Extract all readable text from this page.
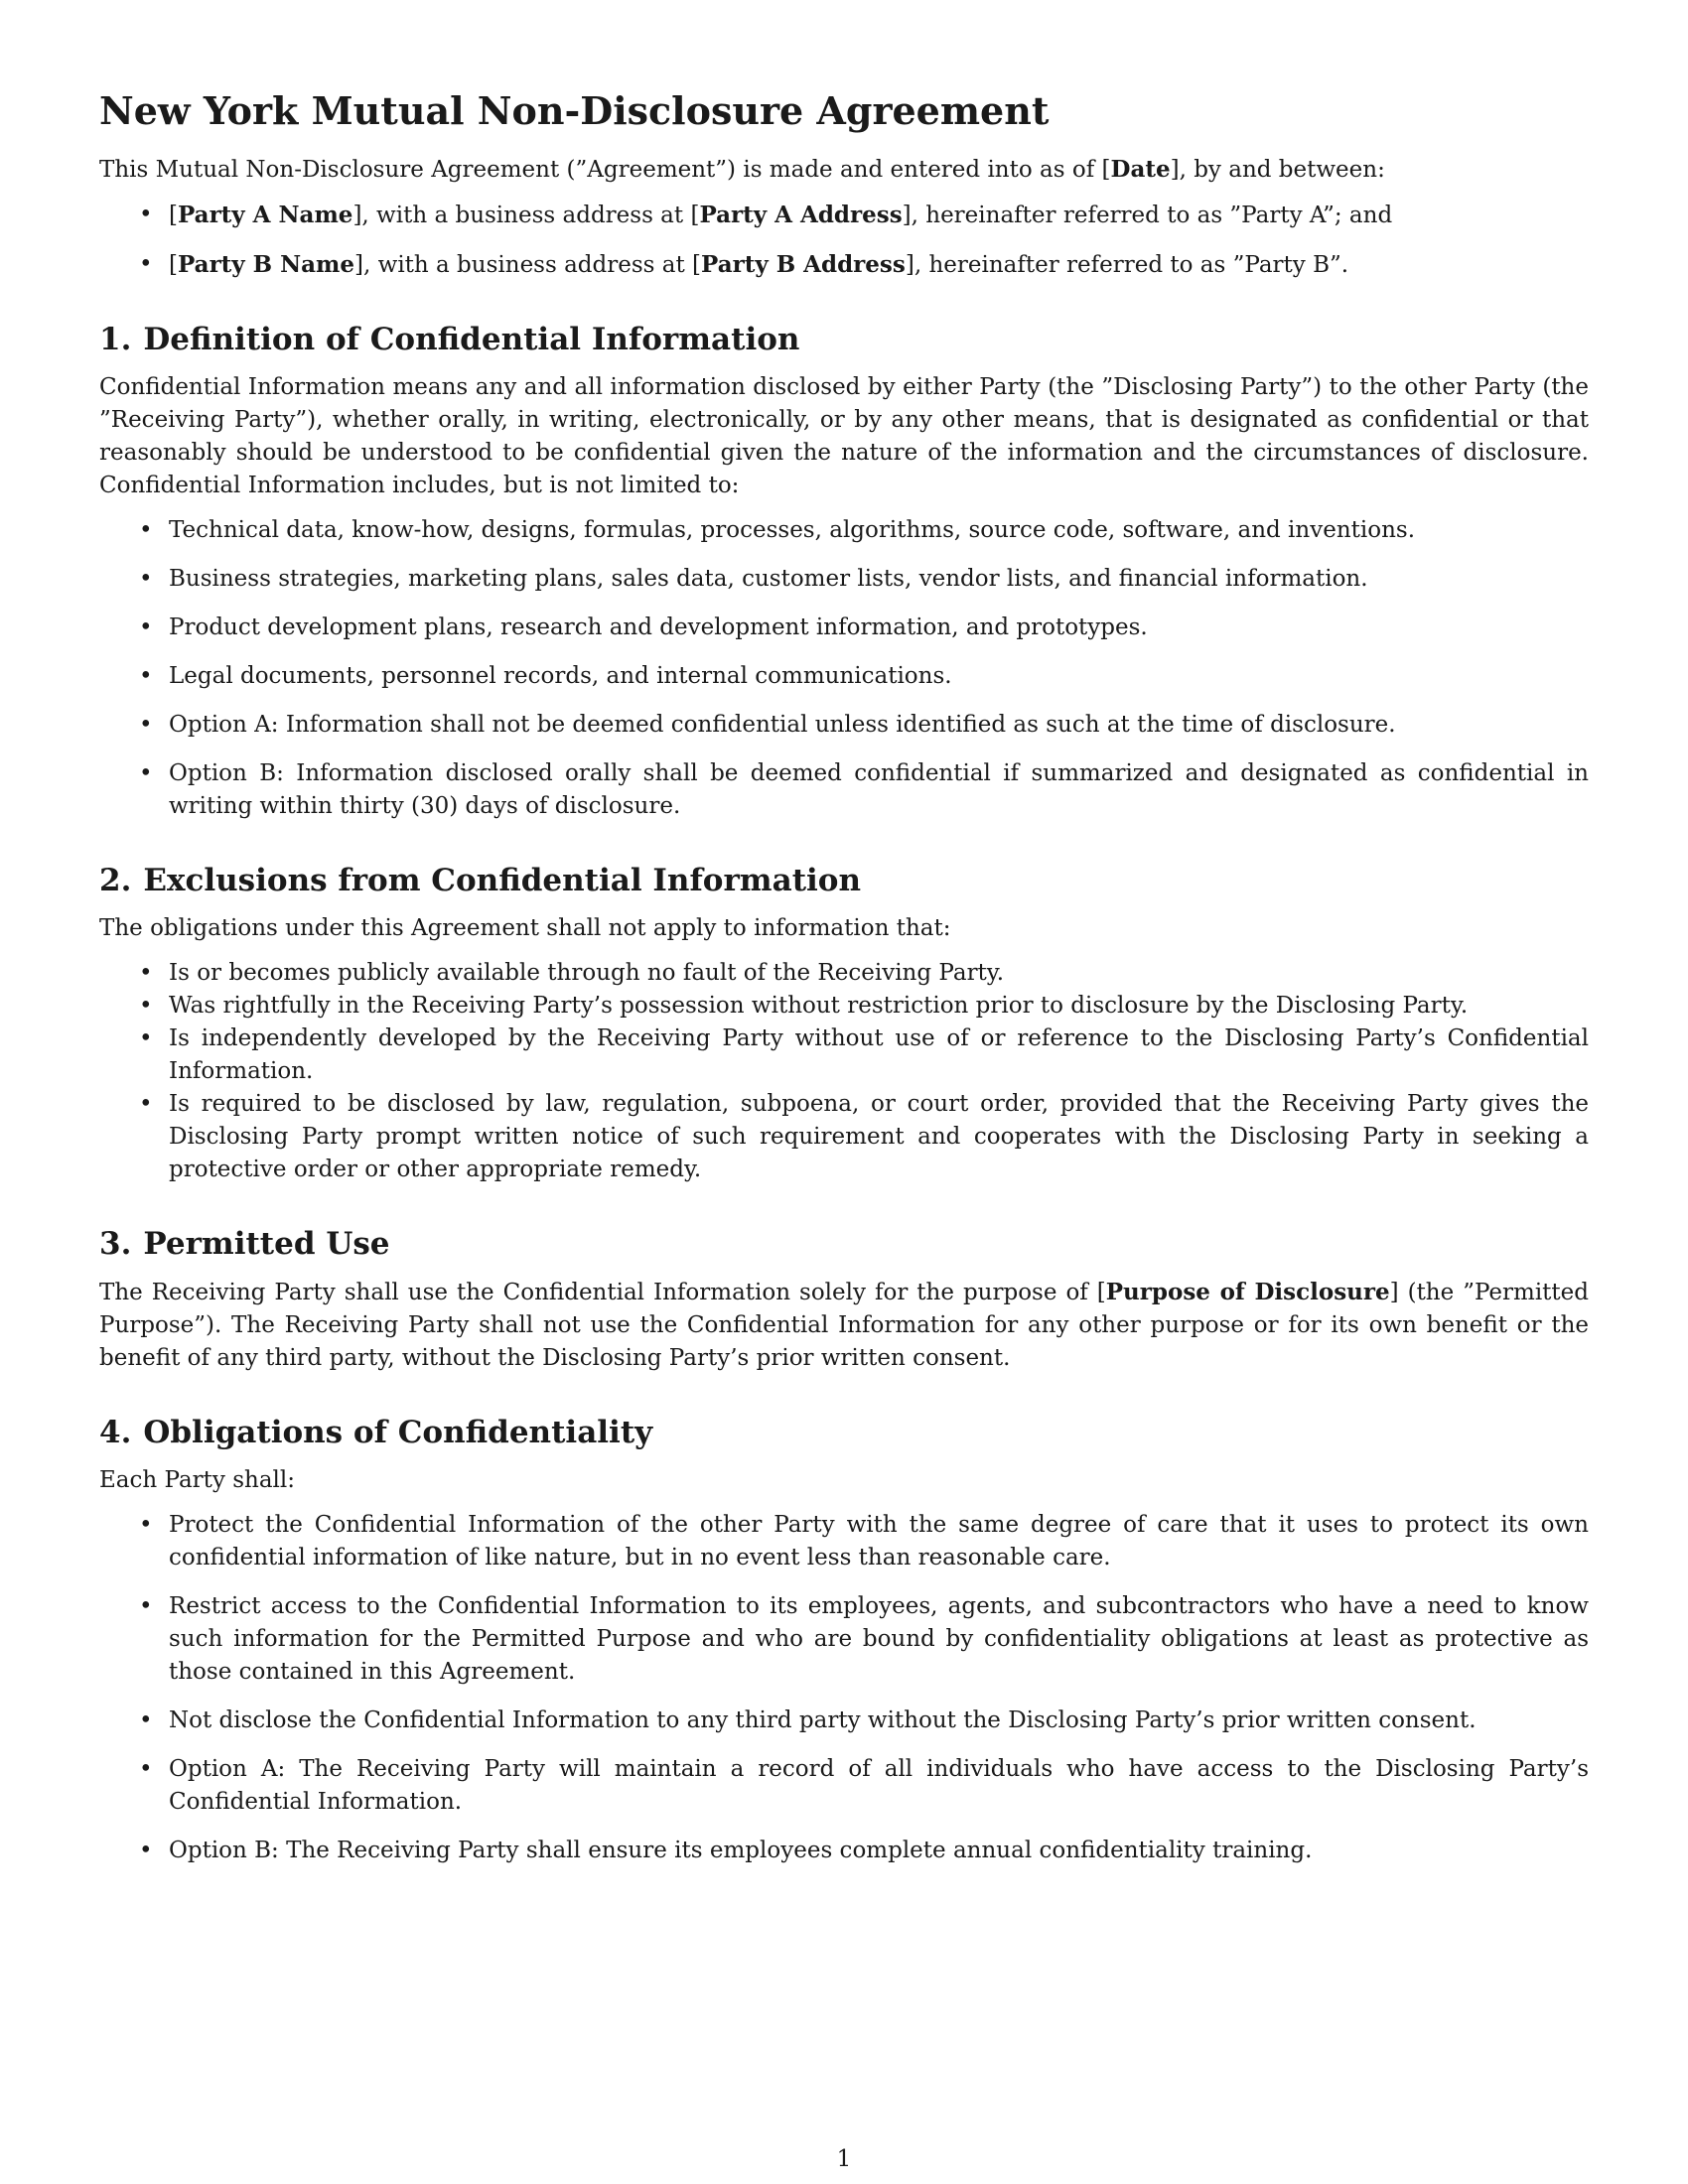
New York Mutual Non-Disclosure Agreement

This Mutual Non-Disclosure Agreement (”Agreement”) is made and entered into as of [Date], by and between:

• [Party A Name], with a business address at [Party A Address], hereinafter referred to as ”Party A”; and
• [Party B Name], with a business address at [Party B Address], hereinafter referred to as ”Party B”.
1. Definition of Confidential Information

Confidential Information means any and all information disclosed by either Party (the ”Disclosing Party”) to the other Party (the ”Receiving Party”), whether orally, in writing, electronically, or by any other means, that is designated as confidential or that reasonably should be understood to be confidential given the nature of the information and the circumstances of disclosure. Confidential Information includes, but is not limited to:

• Technical data, know-how, designs, formulas, processes, algorithms, source code, software, and inventions.
• Business strategies, marketing plans, sales data, customer lists, vendor lists, and financial information.
• Product development plans, research and development information, and prototypes.
• Legal documents, personnel records, and internal communications.
• Option A: Information shall not be deemed confidential unless identified as such at the time of disclosure.
• Option B: Information disclosed orally shall be deemed confidential if summarized and designated as confidential in writing within thirty (30) days of disclosure.
2. Exclusions from Confidential Information

The obligations under this Agreement shall not apply to information that:

• Is or becomes publicly available through no fault of the Receiving Party.
• Was rightfully in the Receiving Party’s possession without restriction prior to disclosure by the Disclosing Party.
• Is independently developed by the Receiving Party without use of or reference to the Disclosing Party’s Confidential Information.
• Is required to be disclosed by law, regulation, subpoena, or court order, provided that the Receiving Party gives the Disclosing Party prompt written notice of such requirement and cooperates with the Disclosing Party in seeking a protective order or other appropriate remedy.
3. Permitted Use

The Receiving Party shall use the Confidential Information solely for the purpose of [Purpose of Disclosure] (the ”Permitted Purpose”). The Receiving Party shall not use the Confidential Information for any other purpose or for its own benefit or the benefit of any third party, without the Disclosing Party’s prior written consent.

4. Obligations of Confidentiality

Each Party shall:

• Protect the Confidential Information of the other Party with the same degree of care that it uses to protect its own confidential information of like nature, but in no event less than reasonable care.
• Restrict access to the Confidential Information to its employees, agents, and subcontractors who have a need to know such information for the Permitted Purpose and who are bound by confidentiality obligations at least as protective as those contained in this Agreement.
• Not disclose the Confidential Information to any third party without the Disclosing Party’s prior written consent.
• Option A: The Receiving Party will maintain a record of all individuals who have access to the Disclosing Party’s Confidential Information.
• Option B: The Receiving Party shall ensure its employees complete annual confidentiality training.
1
